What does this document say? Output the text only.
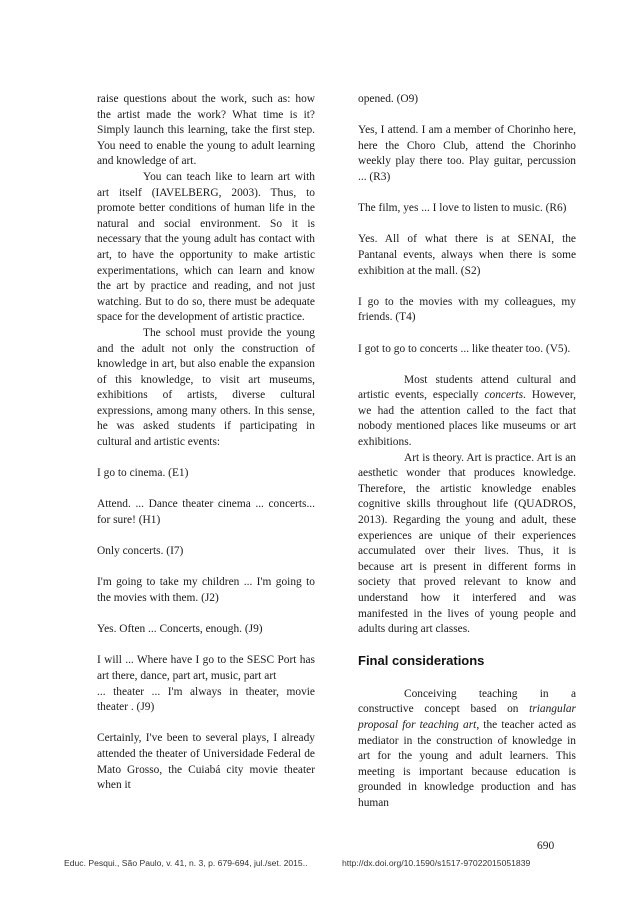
raise questions about the work, such as: how the artist made the work? What time is it? Simply launch this learning, take the first step. You need to enable the young to adult learning and knowledge of art.

You can teach like to learn art with art itself (IAVELBERG, 2003). Thus, to promote better conditions of human life in the natural and social environment. So it is necessary that the young adult has contact with art, to have the opportunity to make artistic experimentations, which can learn and know the art by practice and reading, and not just watching. But to do so, there must be adequate space for the development of artistic practice.

The school must provide the young and the adult not only the construction of knowledge in art, but also enable the expansion of this knowledge, to visit art museums, exhibitions of artists, diverse cultural expressions, among many others. In this sense, he was asked students if participating in cultural and artistic events:

I go to cinema. (E1)

Attend. ... Dance theater cinema ... concerts... for sure! (H1)

Only concerts. (I7)

I'm going to take my children ... I'm going to the movies with them. (J2)

Yes. Often ... Concerts, enough. (J9)

I will ... Where have I go to the SESC Port has art there, dance, part art, music, part art

... theater ... I'm always in theater, movie theater . (J9)

Certainly, I've been to several plays, I already attended the theater of Universidade Federal de Mato Grosso, the Cuiabá city movie theater when it

opened. (O9)

Yes, I attend. I am a member of Chorinho here, here the Choro Club, attend the Chorinho weekly play there too. Play guitar, percussion ... (R3)

The film, yes ... I love to listen to music. (R6)

Yes. All of what there is at SENAI, the Pantanal events, always when there is some exhibition at the mall. (S2)

I go to the movies with my colleagues, my friends. (T4)

I got to go to concerts ... like theater too. (V5).

Most students attend cultural and artistic events, especially concerts. However, we had the attention called to the fact that nobody mentioned places like museums or art exhibitions.

Art is theory. Art is practice. Art is an aesthetic wonder that produces knowledge. Therefore, the artistic knowledge enables cognitive skills throughout life (QUADROS, 2013). Regarding the young and adult, these experiences are unique of their experiences accumulated over their lives. Thus, it is because art is present in different forms in society that proved relevant to know and understand how it interfered and was manifested in the lives of young people and adults during art classes.

Final considerations

Conceiving teaching in a constructive concept based on triangular proposal for teaching art, the teacher acted as mediator in the construction of knowledge in art for the young and adult learners. This meeting is important because education is grounded in knowledge production and has human

690
Educ. Pesqui., São Paulo, v. 41, n. 3, p. 679-694, jul./set. 2015..	http://dx.doi.org/10.1590/s1517-97022015051839
